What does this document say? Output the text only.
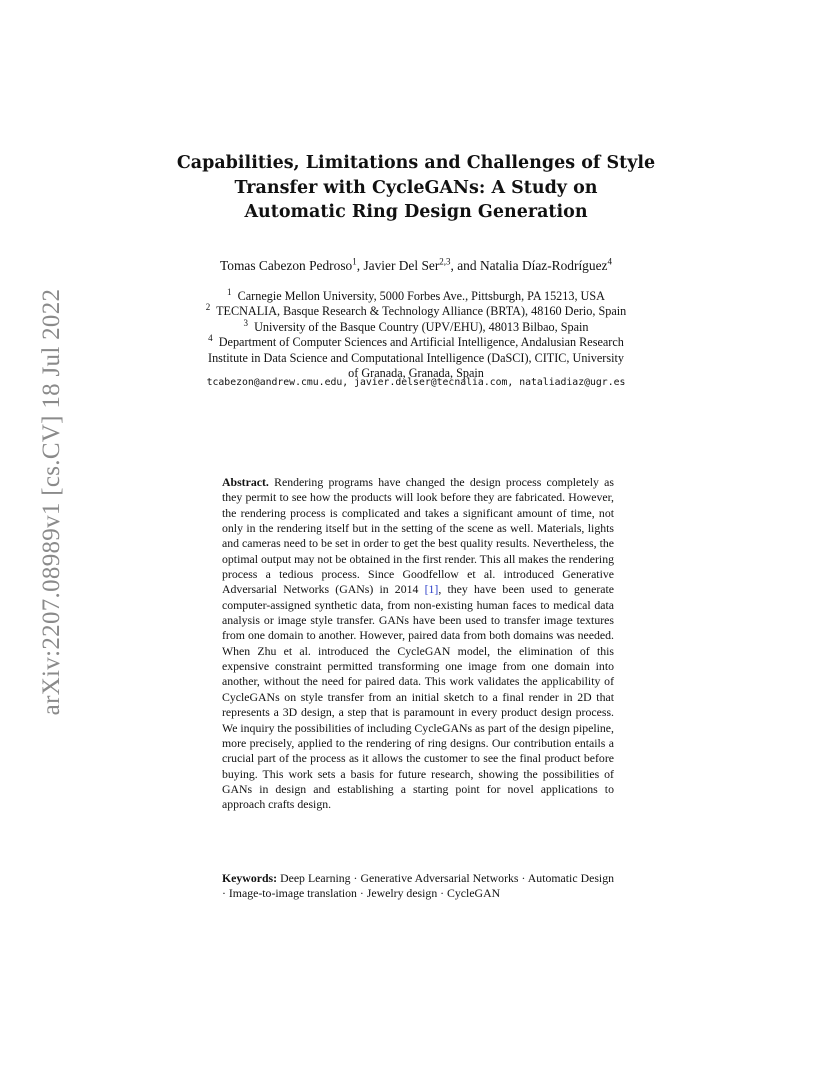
arXiv:2207.08989v1 [cs.CV] 18 Jul 2022
Capabilities, Limitations and Challenges of Style
Transfer with CycleGANs: A Study on
Automatic Ring Design Generation
Tomas Cabezon Pedroso$^1$, Javier Del Ser$^{2,3}$, and Natalia Díaz-Rodríguez$^4$
$^1$ Carnegie Mellon University, 5000 Forbes Ave., Pittsburgh, PA 15213, USA
$^2$ TECNALIA, Basque Research & Technology Alliance (BRTA), 48160 Derio, Spain
$^3$ University of the Basque Country (UPV/EHU), 48013 Bilbao, Spain
$^4$ Department of Computer Sciences and Artificial Intelligence, Andalusian Research
Institute in Data Science and Computational Intelligence (DaSCI), CITIC, University
of Granada, Granada, Spain
tcabezon@andrew.cmu.edu, javier.delser@tecnalia.com, nataliadiaz@ugr.es
Abstract. Rendering programs have changed the design process completely as they permit to see how the products will look before they are fabricated. However, the rendering process is complicated and takes a significant amount of time, not only in the rendering itself but in the setting of the scene as well. Materials, lights and cameras need to be set in order to get the best quality results. Nevertheless, the optimal output may not be obtained in the first render. This all makes the rendering process a tedious process. Since Goodfellow et al. introduced Generative Adversarial Networks (GANs) in 2014 [1], they have been used to generate computer-assigned synthetic data, from non-existing human faces to medical data analysis or image style transfer. GANs have been used to transfer image textures from one domain to another. However, paired data from both domains was needed. When Zhu et al. introduced the CycleGAN model, the elimination of this expensive constraint permitted transforming one image from one domain into another, without the need for paired data. This work validates the applicability of CycleGANs on style transfer from an initial sketch to a final render in 2D that represents a 3D design, a step that is paramount in every product design process. We inquiry the possibilities of including CycleGANs as part of the design pipeline, more precisely, applied to the rendering of ring designs. Our contribution entails a crucial part of the process as it allows the customer to see the final product before buying. This work sets a basis for future research, showing the possibilities of GANs in design and establishing a starting point for novel applications to approach crafts design.
Keywords: Deep Learning · Generative Adversarial Networks · Automatic Design · Image-to-image translation · Jewelry design · CycleGAN
